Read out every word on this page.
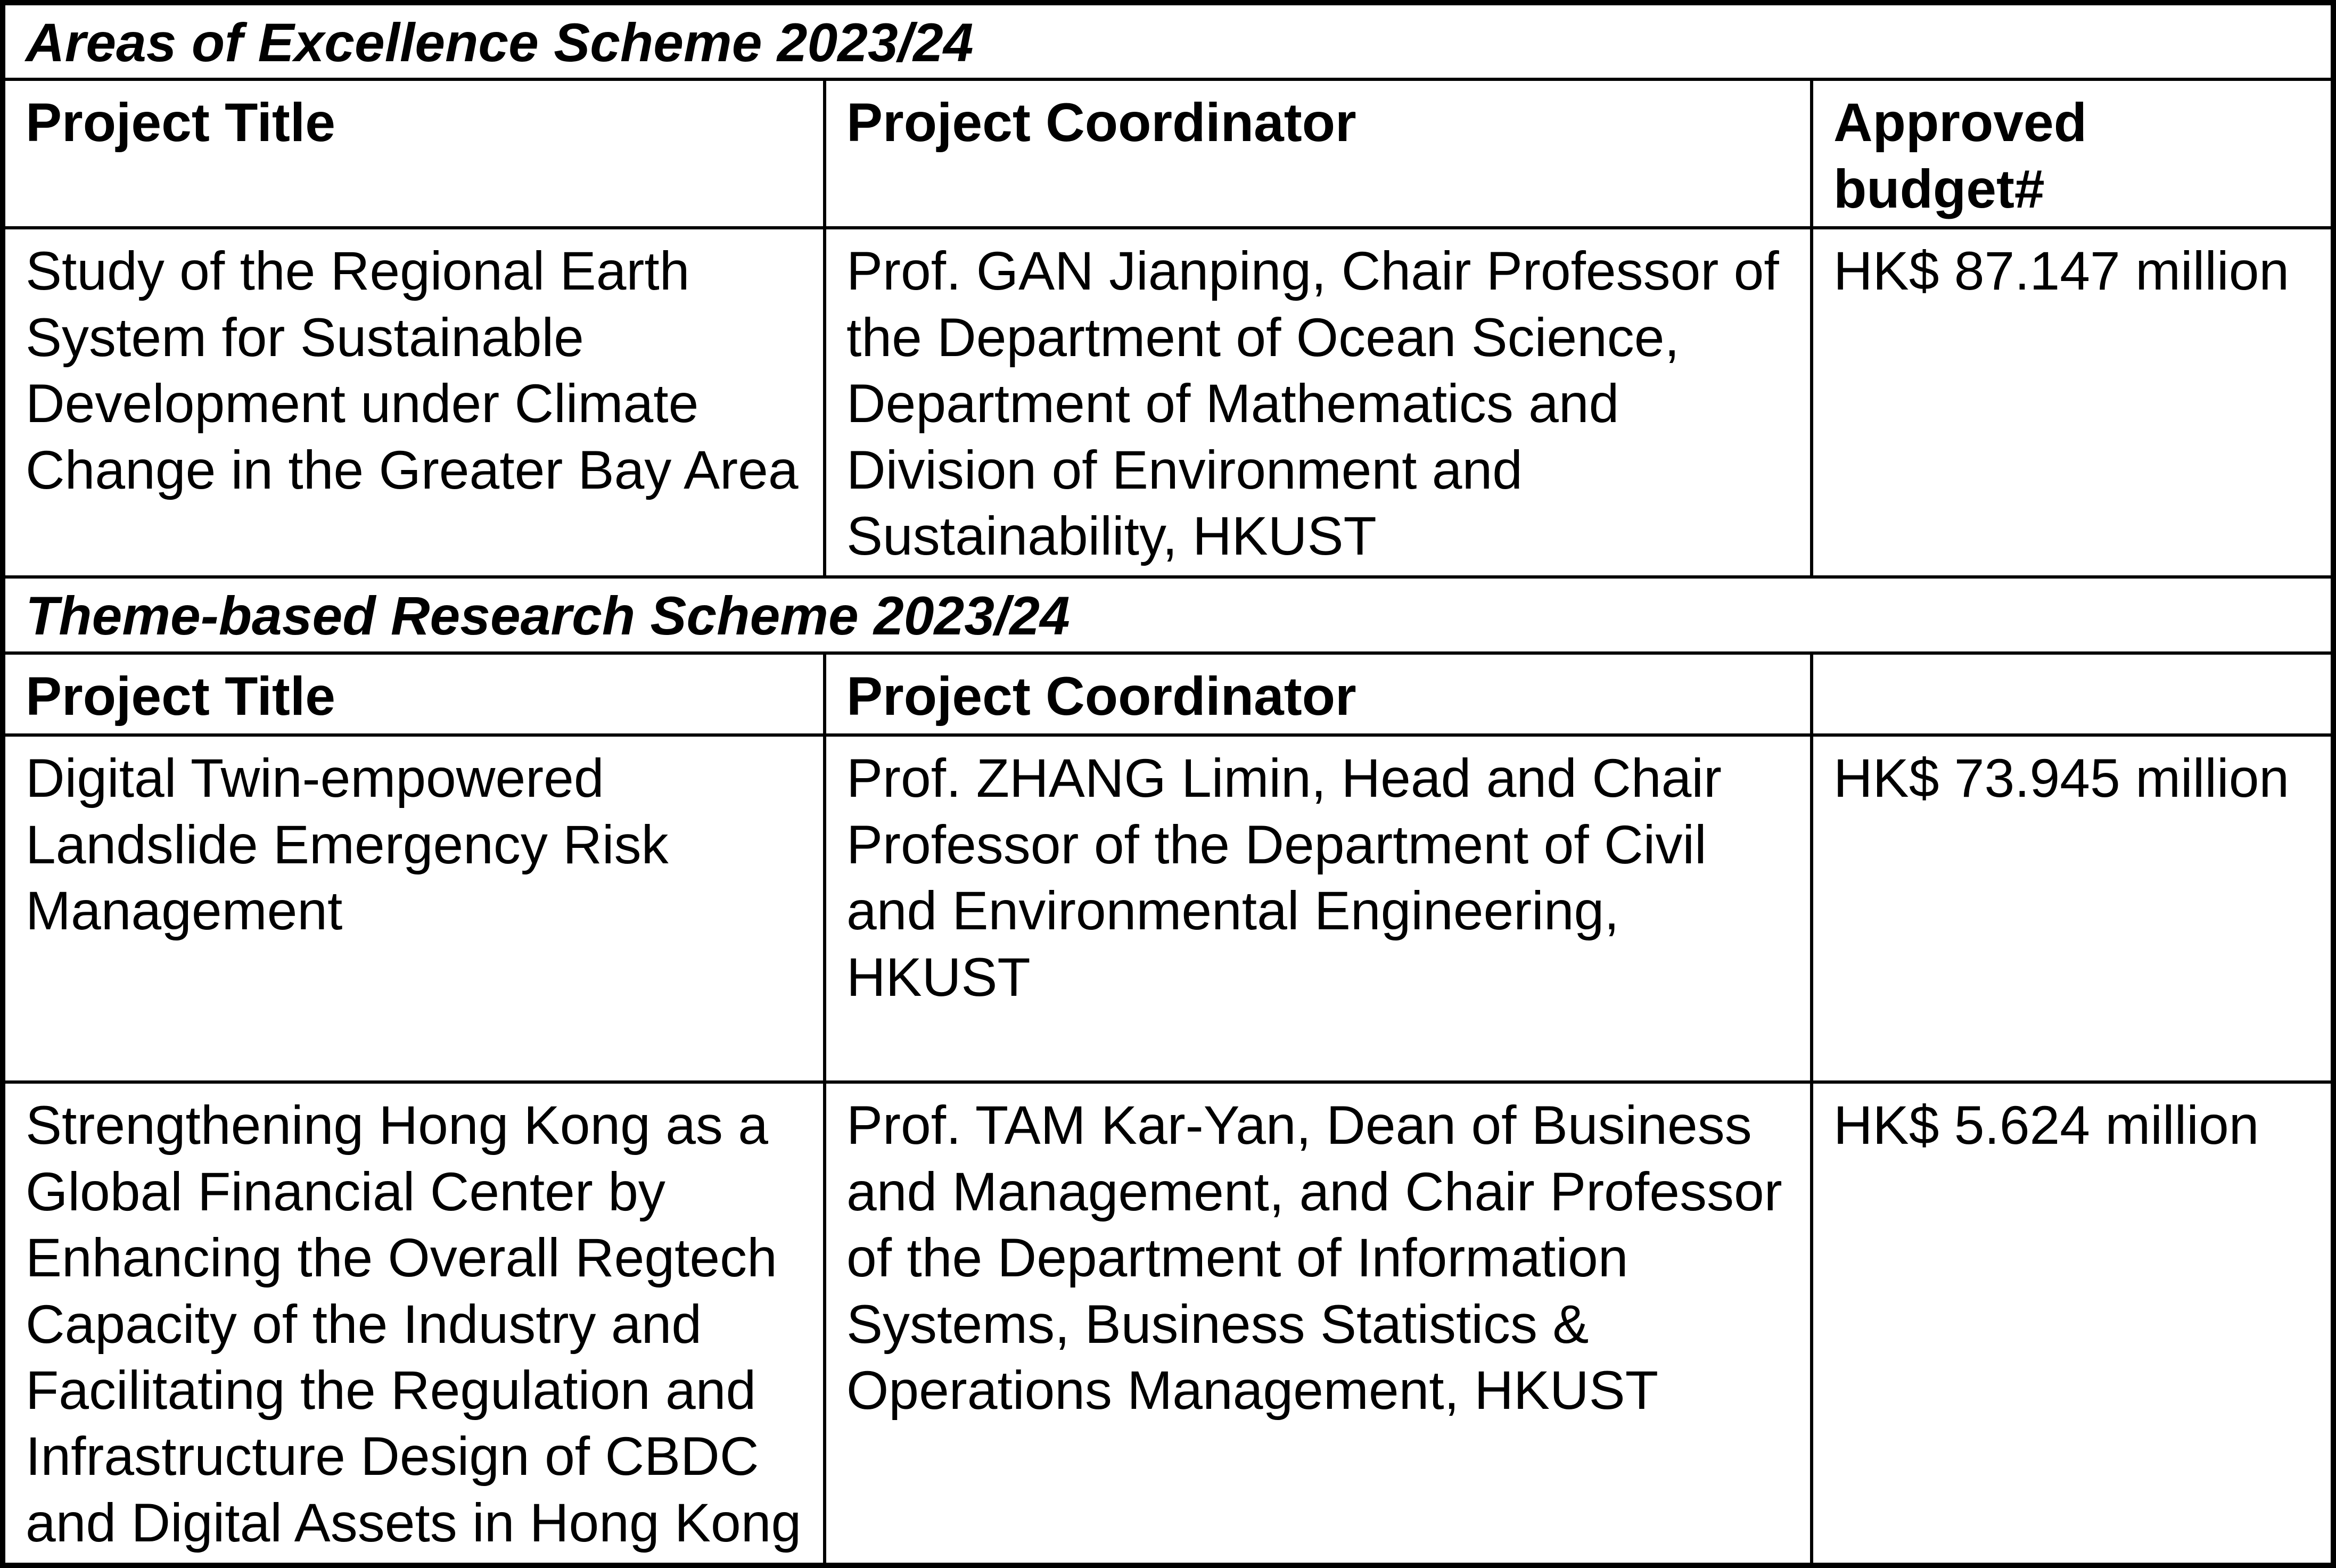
Areas of Excellence Scheme 2023/24		
Project Title	Project Coordinator	Approved budget#
Study of the Regional Earth System for Sustainable Development under Climate Change in the Greater Bay Area	Prof. GAN Jianping, Chair Professor of the Department of Ocean Science, Department of Mathematics and Division of Environment and Sustainability, HKUST	HK$ 87.147 million
Theme-based Research Scheme 2023/24		
Project Title	Project Coordinator	
Digital Twin-empowered Landslide Emergency Risk Management	Prof. ZHANG Limin, Head and Chair Professor of the Department of Civil and Environmental Engineering, HKUST	HK$ 73.945 million
Strengthening Hong Kong as a Global Financial Center by Enhancing the Overall Regtech Capacity of the Industry and Facilitating the Regulation and Infrastructure Design of CBDC and Digital Assets in Hong Kong	Prof. TAM Kar-Yan, Dean of Business and Management, and Chair Professor of the Department of Information Systems, Business Statistics & Operations Management, HKUST	HK$ 5.624 million
